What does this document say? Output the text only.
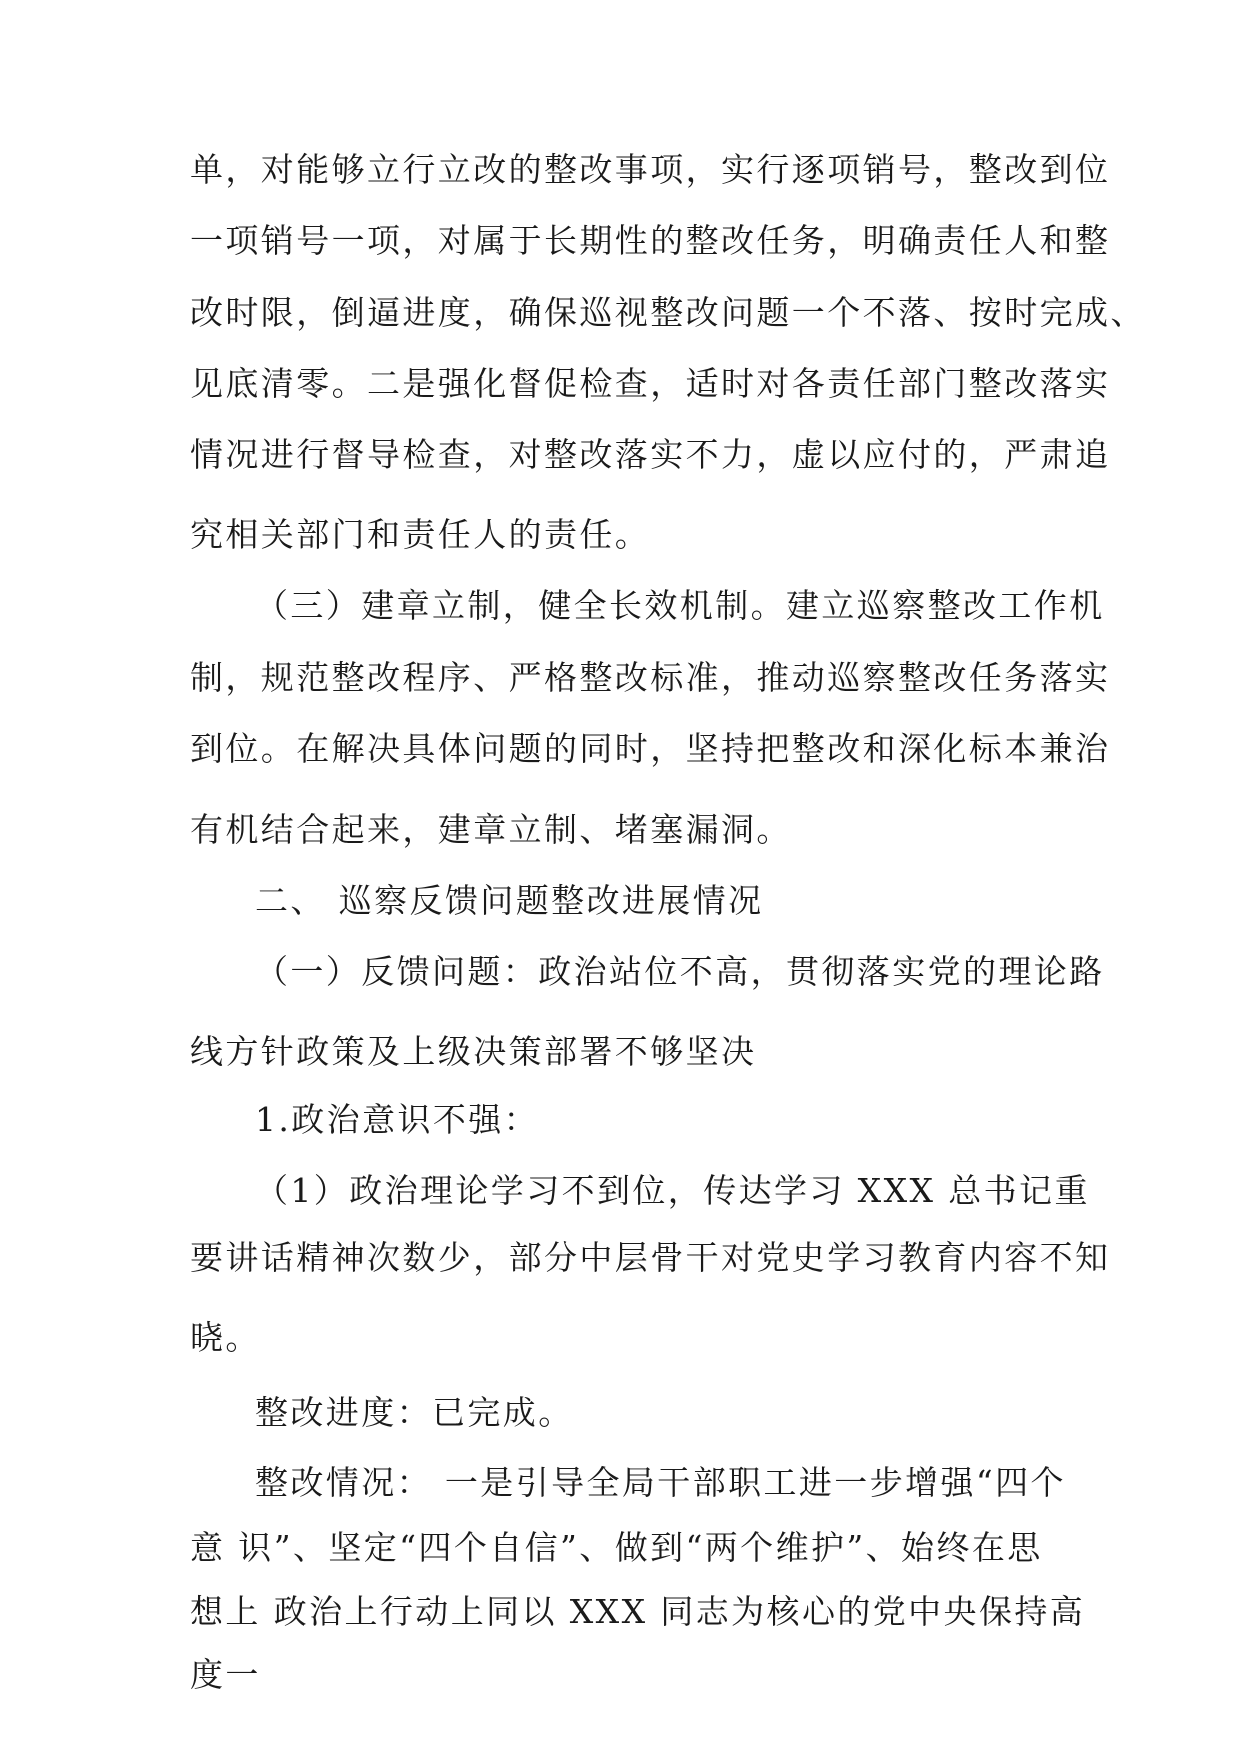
单，对能够立行立改的整改事项，实行逐项销号，整改到位
一项销号一项，对属于长期性的整改任务，明确责任人和整
改时限，倒逼进度，确保巡视整改问题一个不落、按时完成、
见底清零。二是强化督促检查，适时对各责任部门整改落实
情况进行督导检查，对整改落实不力，虚以应付的，严肃追
究相关部门和责任人的责任。
（三）建章立制，健全长效机制。建立巡察整改工作机
制，规范整改程序、严格整改标准，推动巡察整改任务落实
到位。在解决具体问题的同时，坚持把整改和深化标本兼治
有机结合起来，建章立制、堵塞漏洞。
二、 巡察反馈问题整改进展情况
（一）反馈问题：政治站位不高，贯彻落实党的理论路
线方针政策及上级决策部署不够坚决
1.政治意识不强：
（1）政治理论学习不到位，传达学习 XXX 总书记重
要讲话精神次数少，部分中层骨干对党史学习教育内容不知
晓。
整改进度：已完成。
整改情况： 一是引导全局干部职工进一步增强“四个
意 识”、坚定“四个自信”、做到“两个维护”、始终在思
想上 政治上行动上同以 XXX 同志为核心的党中央保持高
度一
